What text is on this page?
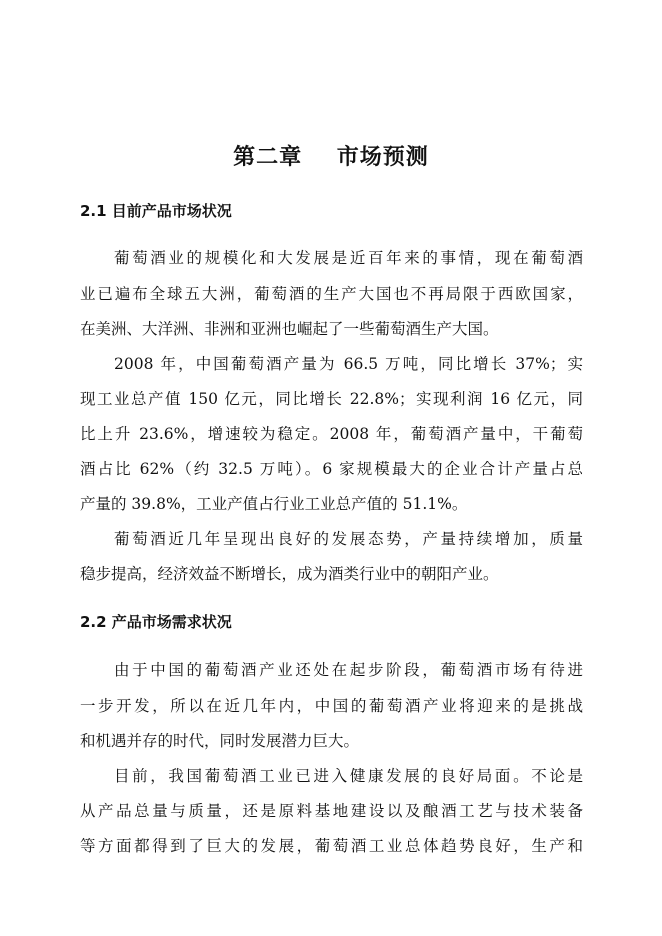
第二章    市场预测
2.1 目前产品市场状况
葡萄酒业的规模化和大发展是近百年来的事情，现在葡萄酒
业已遍布全球五大洲，葡萄酒的生产大国也不再局限于西欧国家，
在美洲、大洋洲、非洲和亚洲也崛起了一些葡萄酒生产大国。
2008 年，中国葡萄酒产量为 66.5 万吨，同比增长 37%；实
现工业总产值 150 亿元，同比增长 22.8%；实现利润 16 亿元，同
比上升 23.6%，增速较为稳定。2008 年，葡萄酒产量中，干葡萄
酒占比 62%（约 32.5 万吨）。6 家规模最大的企业合计产量占总
产量的 39.8%，工业产值占行业工业总产值的 51.1%。
葡萄酒近几年呈现出良好的发展态势，产量持续增加，质量
稳步提高，经济效益不断增长，成为酒类行业中的朝阳产业。
2.2 产品市场需求状况
由于中国的葡萄酒产业还处在起步阶段，葡萄酒市场有待进
一步开发，所以在近几年内，中国的葡萄酒产业将迎来的是挑战
和机遇并存的时代，同时发展潜力巨大。
目前，我国葡萄酒工业已进入健康发展的良好局面。不论是
从产品总量与质量，还是原料基地建设以及酿酒工艺与技术装备
等方面都得到了巨大的发展，葡萄酒工业总体趋势良好，生产和
